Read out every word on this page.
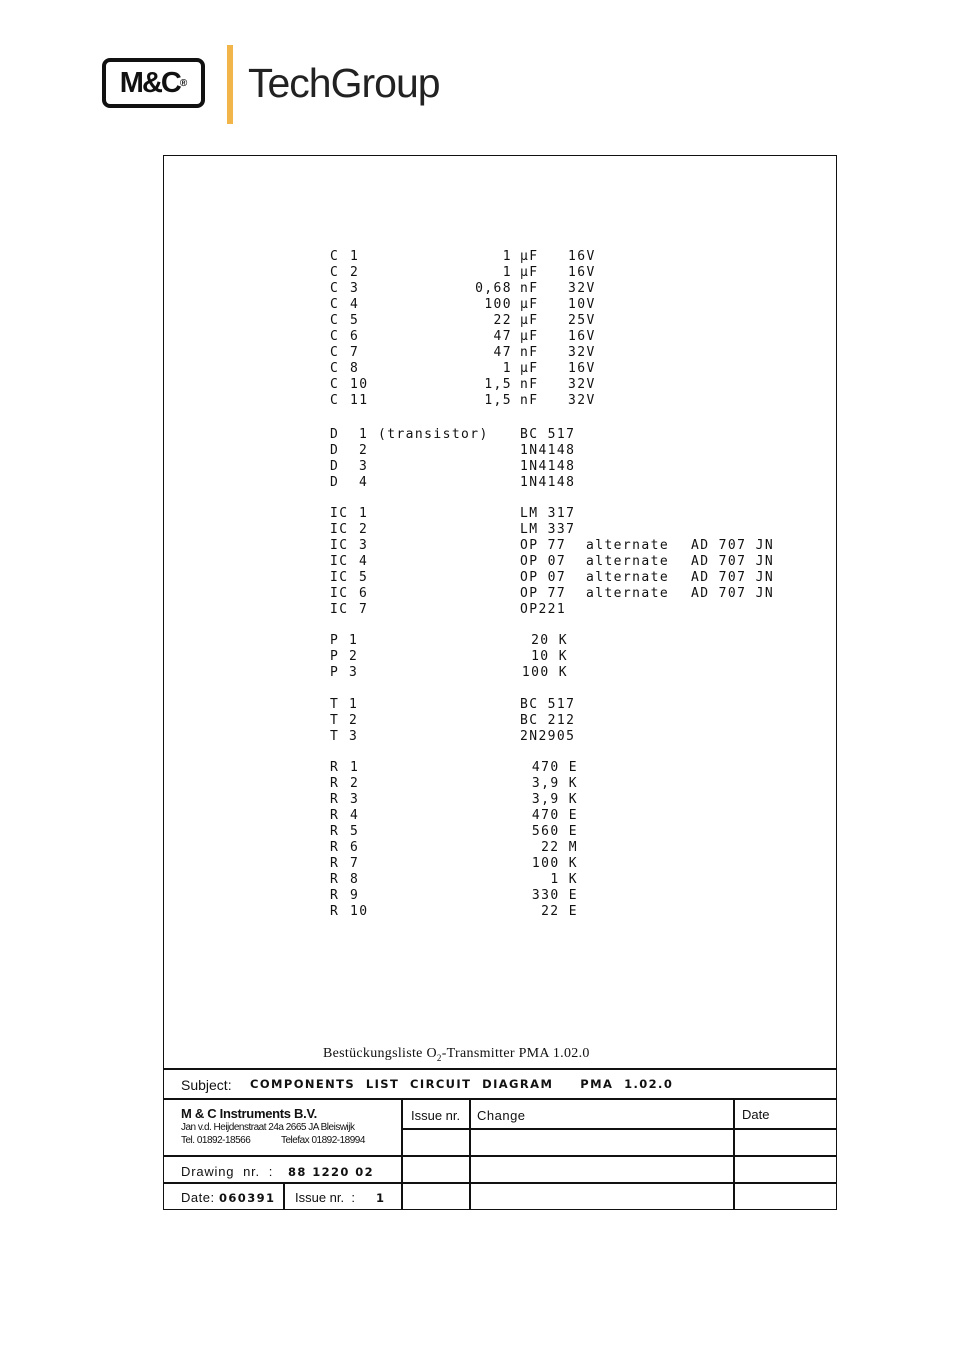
M&C ® TechGroup
C 1	1 µF 16V
C 2	1 µF 16V
C 3	0,68 nF 32V
C 4	100 µF 10V
C 5	22 µF 25V
C 6	47 µF 16V
C 7	47 nF 32V
C 8	1 µF 16V
C 10	1,5 nF 32V
C 11	1,5 nF 32V
D 1 (transistor) BC 517
D 2	1N4148
D 3	1N4148
D 4	1N4148
IC 1	LM 317
IC 2	LM 337
IC 3	OP 77 alternate AD 707 JN
IC 4	OP 07 alternate AD 707 JN
IC 5	OP 07 alternate AD 707 JN
IC 6	OP 77 alternate AD 707 JN
IC 7	OP221
P 1	20 K
P 2	10 K
P 3	100 K
T 1	BC 517
T 2	BC 212
T 3	2N2905
R 1	470 E
R 2	3,9 K
R 3	3,9 K
R 4	470 E
R 5	560 E
R 6	22 M
R 7	100 K
R 8	1 K
R 9	330 E
R 10	22 E
Bestückungsliste $O_2$-Transmitter PMA 1.02.0
Subject: COMPONENTS  LIST  CIRCUIT  DIAGRAM     PMA  1.02.0
M & C Instruments B.V.
Jan v.d. Heijdenstraat 24a 2665 JA Bleiswijk
Tel. 01892-18566	Telefax 01892-18994
Issue nr. Change	Date
Drawing  nr.  : 88 1220 02
Date: 060391 Issue nr.  : 1
